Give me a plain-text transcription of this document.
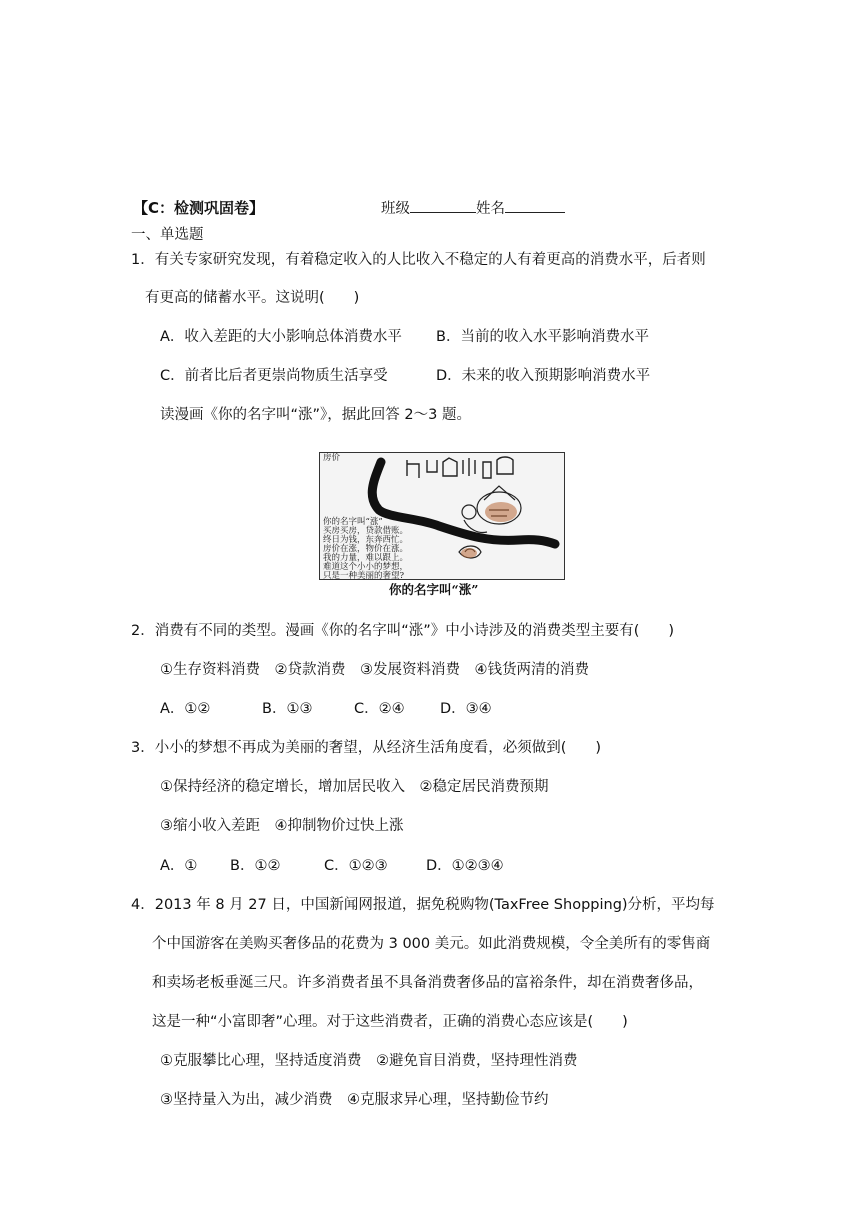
【C：检测巩固卷】	班级	姓名
一、单选题
1．有关专家研究发现，有着稳定收入的人比收入不稳定的人有着更高的消费水平，后者则
有更高的储蓄水平。这说明(　　)
A．收入差距的大小影响总体消费水平 B．当前的收入水平影响消费水平
C．前者比后者更崇尚物质生活享受	D．未来的收入预期影响消费水平
读漫画《你的名字叫“涨”》，据此回答 2～3 题。
房价
你的名字叫“涨”
买房买房，贷款借账。
终日为钱，东奔西忙。
房价在涨，物价在涨。
我的力量，难以跟上。
难道这个小小的梦想，
只是一种美丽的奢望?
你的名字叫“涨”
2．消费有不同的类型。漫画《你的名字叫“涨”》中小诗涉及的消费类型主要有(　　)
①生存资料消费　②贷款消费　③发展资料消费　④钱货两清的消费
A．①②	B．①③	C．②④ D．③④
3．小小的梦想不再成为美丽的奢望，从经济生活角度看，必须做到(　　)
①保持经济的稳定增长，增加居民收入　②稳定居民消费预期
③缩小收入差距　④抑制物价过快上涨
A．① B．①②	C．①②③	D．①②③④
4．2013 年 8 月 27 日，中国新闻网报道，据免税购物(TaxFree Shopping)分析，平均每
个中国游客在美购买奢侈品的花费为 3 000 美元。如此消费规模，令全美所有的零售商
和卖场老板垂涎三尺。许多消费者虽不具备消费奢侈品的富裕条件，却在消费奢侈品，
这是一种“小富即奢”心理。对于这些消费者，正确的消费心态应该是(　　)
①克服攀比心理，坚持适度消费　②避免盲目消费，坚持理性消费
③坚持量入为出，减少消费　④克服求异心理，坚持勤俭节约
